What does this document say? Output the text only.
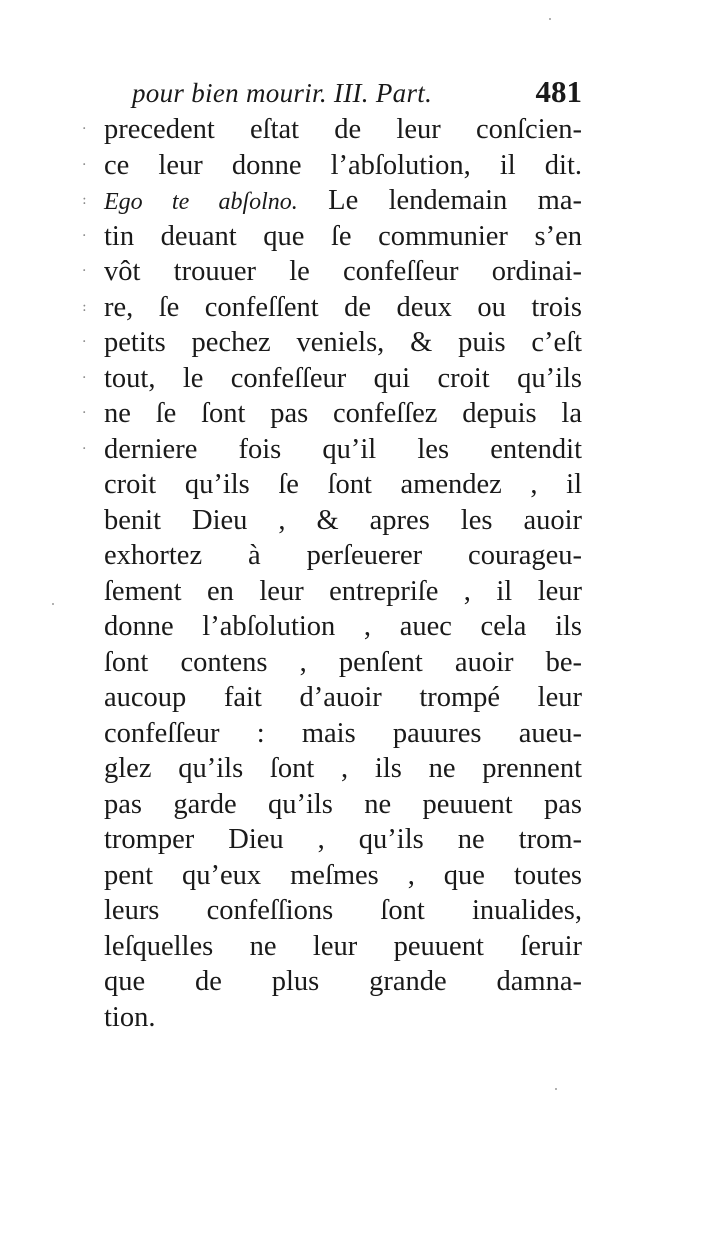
pour bien mourir. III. Part.	481
·
·
:
·
·
:
·
·
·
·
precedent eſtat de leur conſcien-
ce leur donne l’abſolution, il dit.
Ego te abſolno. Le lendemain ma-
tin deuant que ſe communier s’en
vôt trouuer le confeſſeur ordinai-
re, ſe confeſſent de deux ou trois
petits pechez veniels, & puis c’eſt
tout, le confeſſeur qui croit qu’ils
ne ſe ſont pas confeſſez depuis la
derniere fois qu’il les entendit
croit qu’ils ſe ſont amendez , il
benit Dieu , & apres les auoir
exhortez à perſeuerer courageu-
ſement en leur entrepriſe , il leur
donne l’abſolution , auec cela ils
ſont contens , penſent auoir be-
aucoup fait d’auoir trompé leur
confeſſeur : mais pauures aueu-
glez qu’ils ſont , ils ne prennent
pas garde qu’ils ne peuuent pas
tromper Dieu , qu’ils ne trom-
pent qu’eux meſmes , que toutes
leurs confeſſions ſont inualides,
leſquelles ne leur peuuent ſeruir
que de plus grande damna-
tion.
